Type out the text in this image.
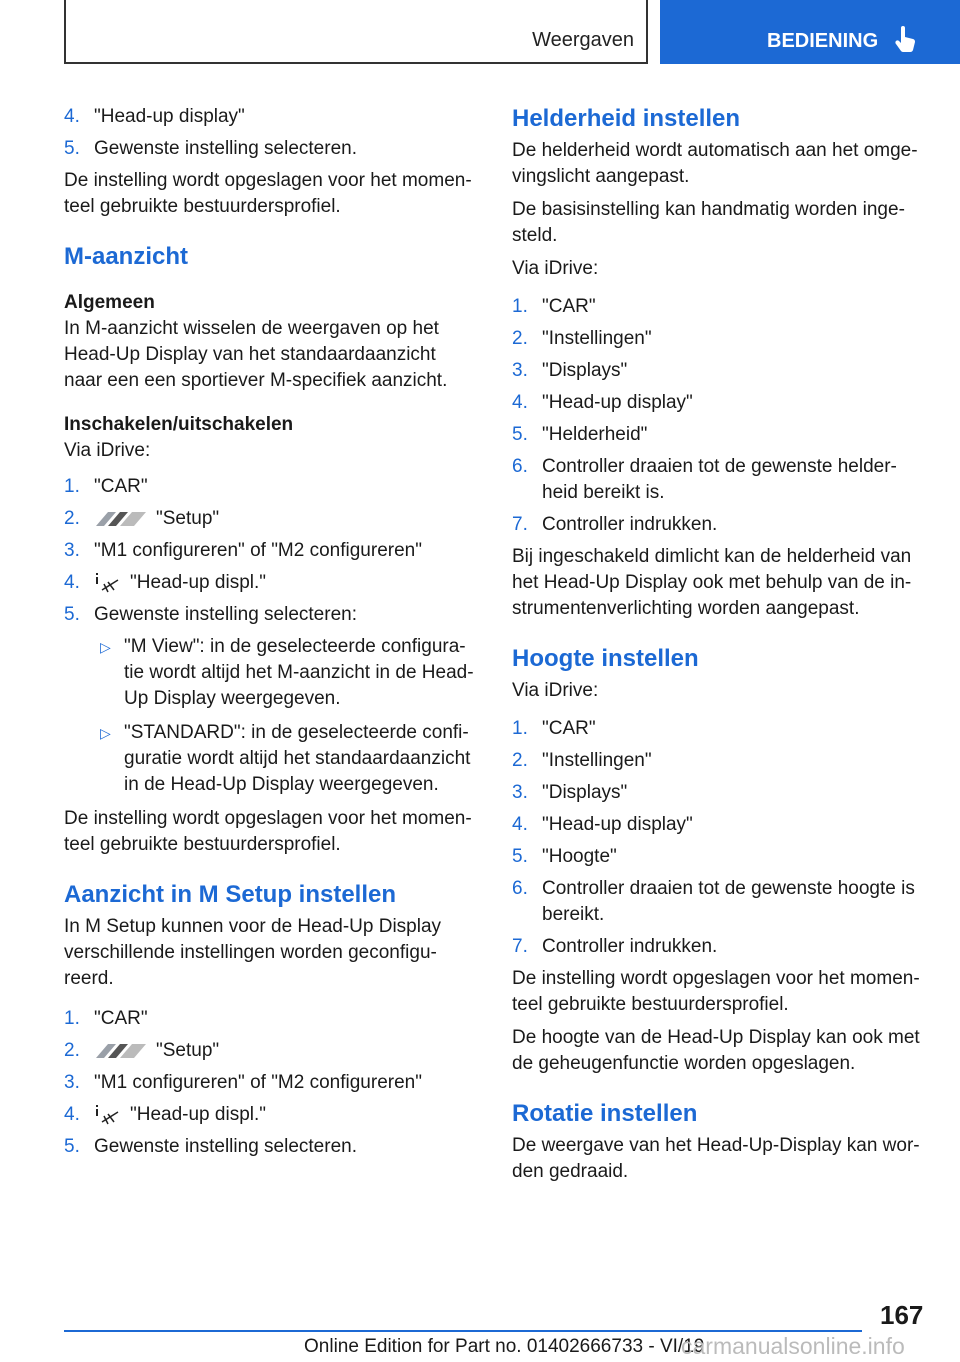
Weergaven	BEDIENING
4. "Head-up display"
5. Gewenste instelling selecteren.

De instelling wordt opgeslagen voor het momen-teel gebruikte bestuurdersprofiel.

M-aanzicht
Algemeen

In M-aanzicht wisselen de weergaven op het Head-Up Display van het standaardaanzicht naar een een sportiever M-specifiek aanzicht.

Inschakelen/uitschakelen

Via iDrive:

1. "CAR"
2.	"Setup"
3. "M1 configureren" of "M2 configureren"
4.	"Head-up displ."
5. Gewenste instelling selecteren:
▷ "M View": in de geselecteerde configura-tie wordt altijd het M-aanzicht in de Head-Up Display weergegeven.
▷ "STANDARD": in de geselecteerde confi-guratie wordt altijd het standaardaanzicht in de Head-Up Display weergegeven.

De instelling wordt opgeslagen voor het momen-teel gebruikte bestuurdersprofiel.

Aanzicht in M Setup instellen

In M Setup kunnen voor de Head-Up Display verschillende instellingen worden geconfigu-reerd.

1. "CAR"
2.	"Setup"
3. "M1 configureren" of "M2 configureren"
4.	"Head-up displ."
5. Gewenste instelling selecteren.
Helderheid instellen

De helderheid wordt automatisch aan het omge-vingslicht aangepast.

De basisinstelling kan handmatig worden inge-steld.

Via iDrive:

1. "CAR"
2. "Instellingen"
3. "Displays"
4. "Head-up display"
5. "Helderheid"
6. Controller draaien tot de gewenste helder-heid bereikt is.
7. Controller indrukken.

Bij ingeschakeld dimlicht kan de helderheid van het Head-Up Display ook met behulp van de in-strumentenverlichting worden aangepast.

Hoogte instellen

Via iDrive:

1. "CAR"
2. "Instellingen"
3. "Displays"
4. "Head-up display"
5. "Hoogte"
6. Controller draaien tot de gewenste hoogte is bereikt.
7. Controller indrukken.

De instelling wordt opgeslagen voor het momen-teel gebruikte bestuurdersprofiel.

De hoogte van de Head-Up Display kan ook met de geheugenfunctie worden opgeslagen.

Rotatie instellen

De weergave van het Head-Up-Display kan wor-den gedraaid.

167
Online Edition for Part no. 01402666733 - VI/19
carmanualsonline.info
